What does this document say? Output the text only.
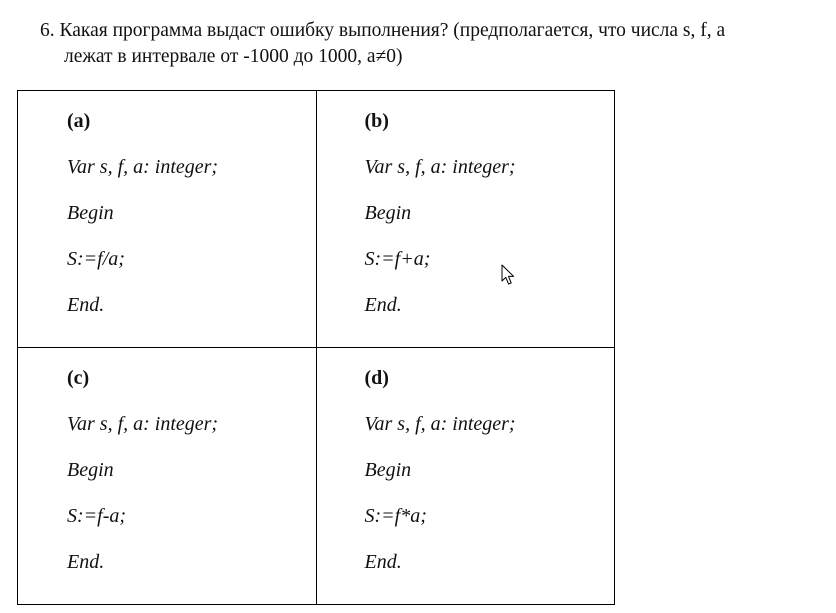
6. Какая программа выдаст ошибку выполнения? (предполагается, что числа s, f, a
лежат в интервале от -1000 до 1000, a≠0)

(a)
Var s, f, a: integer;
Begin
S:=f/a;
End.	(b)
Var s, f, a: integer;
Begin
S:=f+a;
End.

(c)
Var s, f, a: integer;
Begin
S:=f-a;
End.	(d)
Var s, f, a: integer;
Begin
S:=f*a;
End.
